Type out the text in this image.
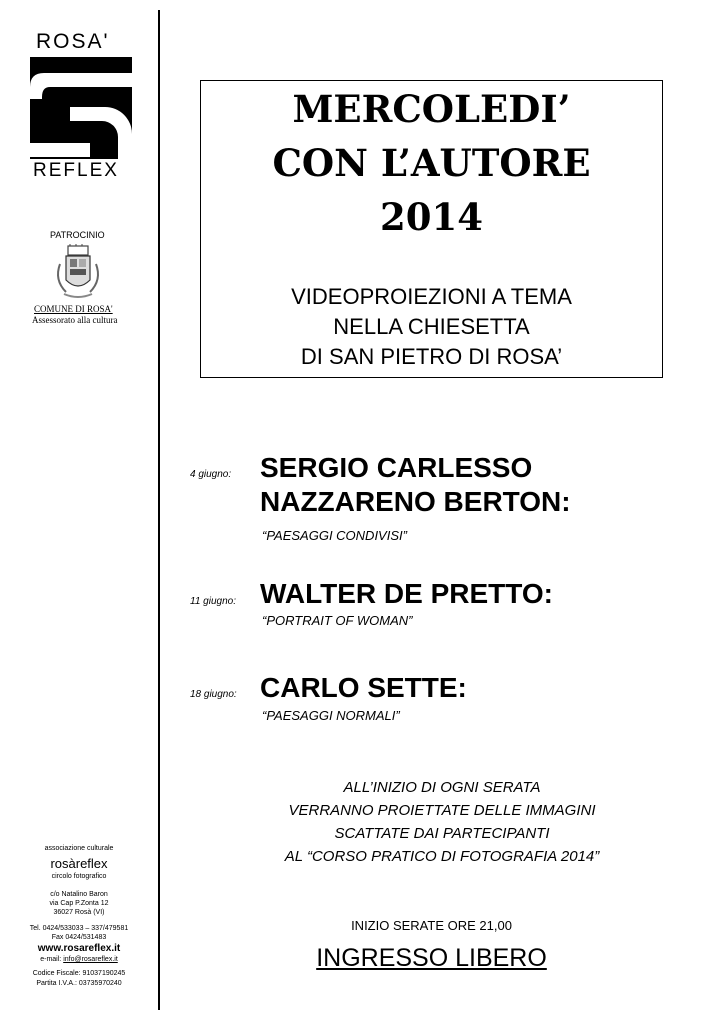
ROSA'
REFLEX
PATROCINIO
COMUNE DI ROSA'
Assessorato alla cultura
associazione culturale
rosàreflex
circolo fotografico
c/o Natalino Baron
via Cap P.Zonta 12
36027 Rosà (VI)
Tel. 0424/533033 – 337/479581
Fax 0424/531483
www.rosareflex.it
e-mail: info@rosareflex.it
Codice Fiscale: 91037190245
Partita I.V.A.: 03735970240
MERCOLEDI’
CON L’AUTORE
2014
VIDEOPROIEZIONI A TEMA
NELLA CHIESETTA
DI SAN PIETRO DI ROSA’
4 giugno: SERGIO CARLESSO
NAZZARENO BERTON:
“PAESAGGI CONDIVISI”
11 giugno: WALTER DE PRETTO:
“PORTRAIT OF WOMAN”
18 giugno: CARLO SETTE:
“PAESAGGI NORMALI”
ALL’INIZIO DI OGNI SERATA
VERRANNO PROIETTATE DELLE IMMAGINI
SCATTATE DAI PARTECIPANTI
AL “CORSO PRATICO DI FOTOGRAFIA 2014”
INIZIO SERATE ORE 21,00
INGRESSO LIBERO
